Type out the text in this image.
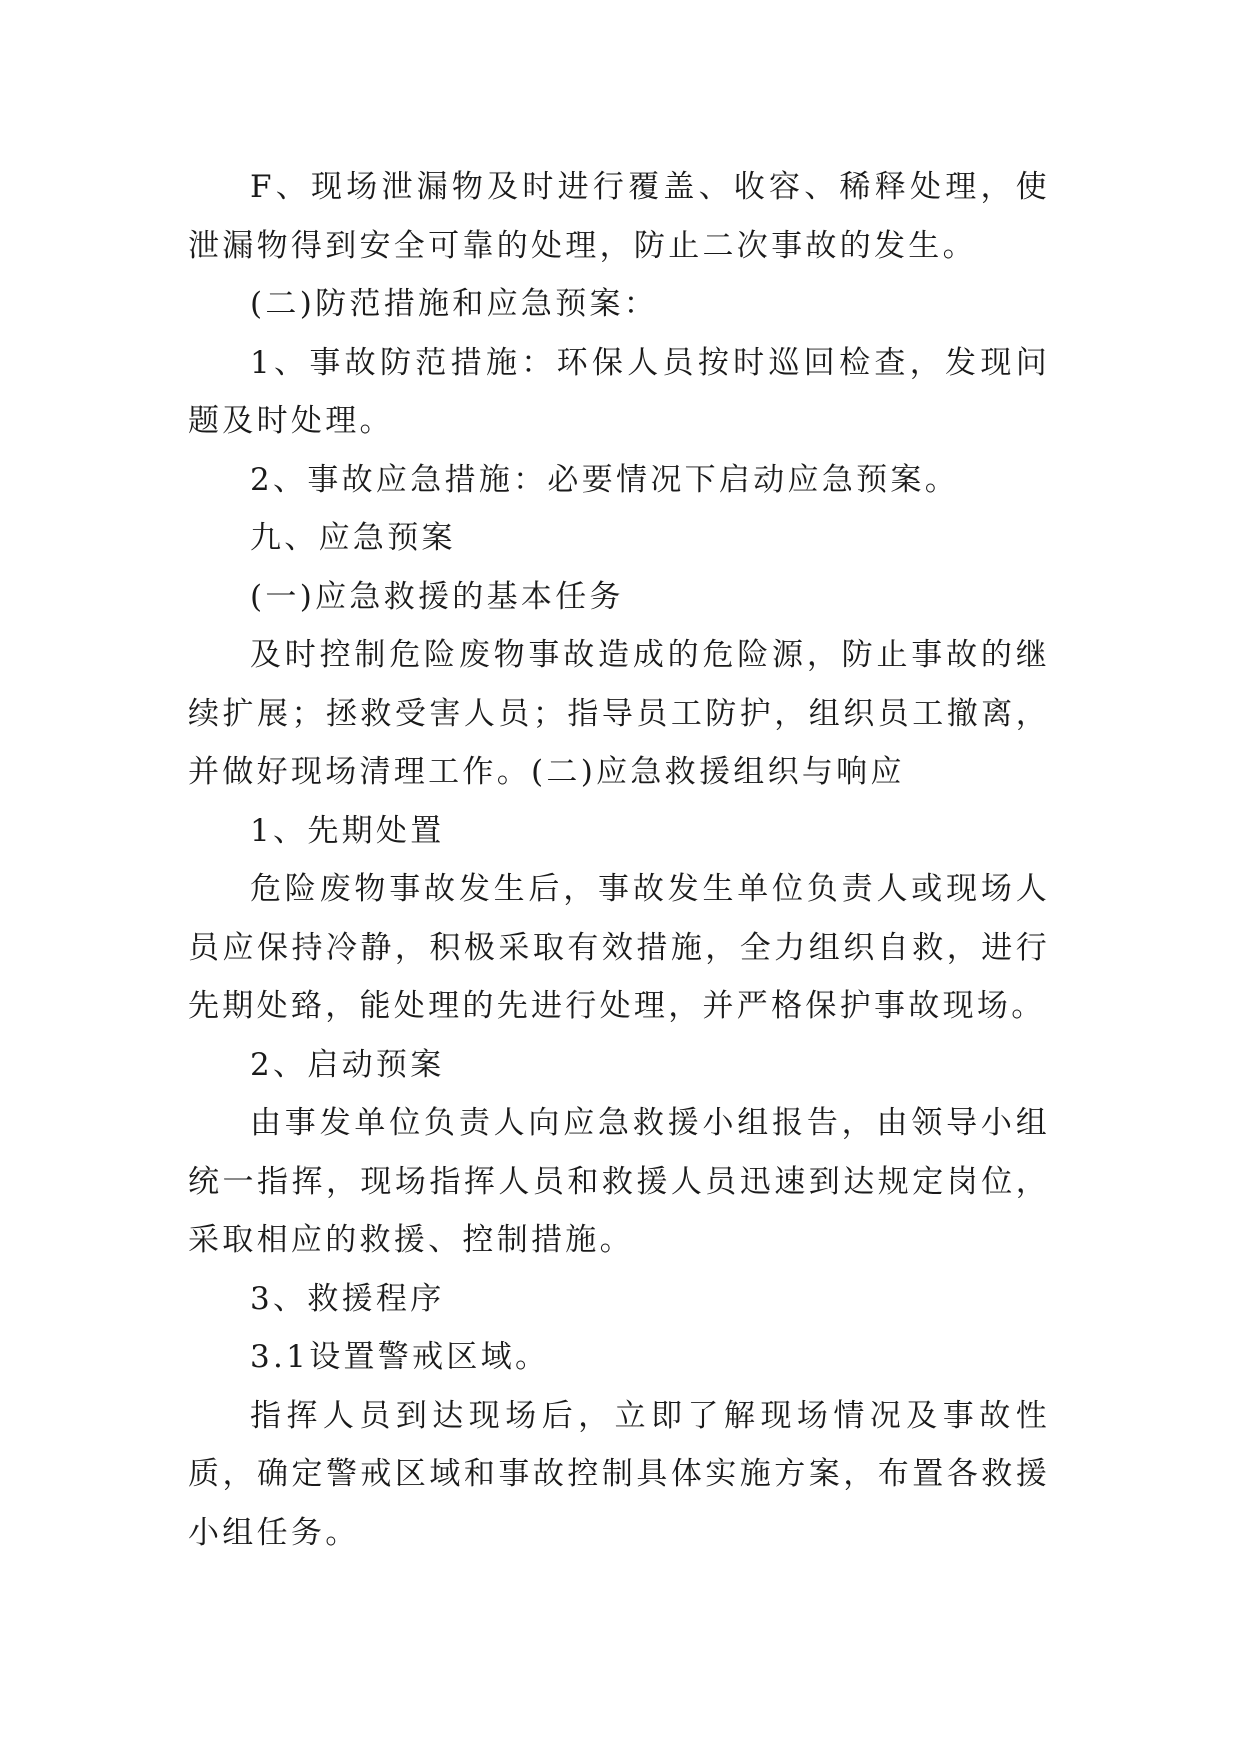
F、现场泄漏物及时进行覆盖、收容、稀释处理，使泄漏物得到安全可靠的处理，防止二次事故的发生。

(二)防范措施和应急预案：

1、事故防范措施：环保人员按时巡回检查，发现问题及时处理。

2、事故应急措施：必要情况下启动应急预案。

九、应急预案

(一)应急救援的基本任务

及时控制危险废物事故造成的危险源，防止事故的继续扩展；拯救受害人员；指导员工防护，组织员工撤离，并做好现场清理工作。(二)应急救援组织与响应

1、先期处置

危险废物事故发生后，事故发生单位负责人或现场人员应保持冷静，积极采取有效措施，全力组织自救，进行先期处臵，能处理的先进行处理，并严格保护事故现场。

2、启动预案

由事发单位负责人向应急救援小组报告，由领导小组统一指挥，现场指挥人员和救援人员迅速到达规定岗位，采取相应的救援、控制措施。

3、救援程序

3.1设置警戒区域。

指挥人员到达现场后，立即了解现场情况及事故性质，确定警戒区域和事故控制具体实施方案，布置各救援小组任务。
